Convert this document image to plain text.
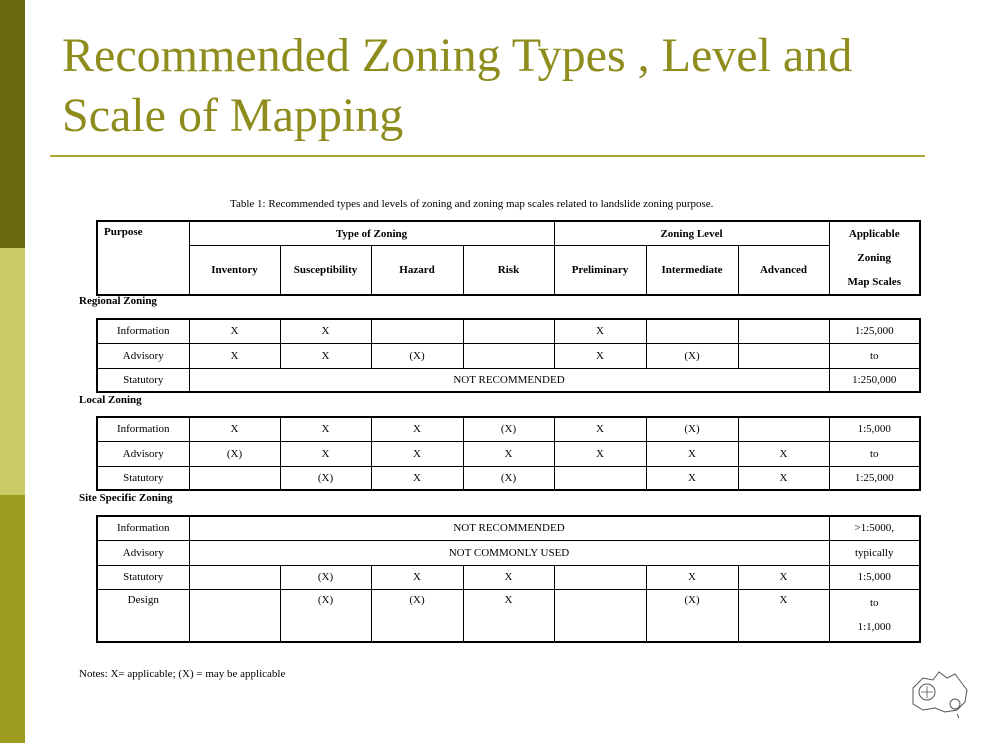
Recommended Zoning Types , Level and Scale of Mapping
Table 1: Recommended types and levels of zoning and zoning map scales related to landslide zoning purpose.
Purpose	Type of Zoning				Zoning Level			Applicable
Zoning
Map Scales

	Inventory	Susceptibility	Hazard	Risk	Preliminary	Intermediate	Advanced	
Regional Zoning
Information	X	X			X			1:25,000
Advisory	X	X	(X)		X	(X)		to
Statutory	NOT RECOMMENDED							1:250,000
Local Zoning
Information	X	X	X	(X)	X	(X)		1:5,000
Advisory	(X)	X	X	X	X	X	X	to
Statutory		(X)	X	(X)		X	X	1:25,000
Site Specific Zoning
Information	NOT RECOMMENDED							>1:5000,
Advisory	NOT COMMONLY USED							typically
Statutory		(X)	X	X		X	X	1:5,000
Design		(X)	(X)	X		(X)	X	to
1:1,000
Notes: X= applicable; (X) = may be applicable
